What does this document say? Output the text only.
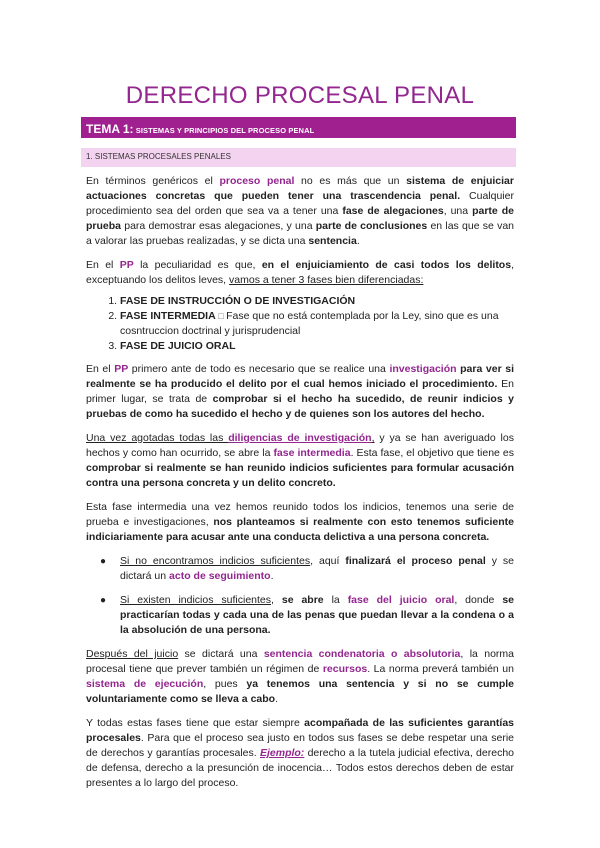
DERECHO PROCESAL PENAL
TEMA 1: SISTEMAS Y PRINCIPIOS DEL PROCESO PENAL
1. SISTEMAS PROCESALES PENALES

En términos genéricos el proceso penal no es más que un sistema de enjuiciar actuaciones concretas que pueden tener una trascendencia penal. Cualquier procedimiento sea del orden que sea va a tener una fase de alegaciones, una parte de prueba para demostrar esas alegaciones, y una parte de conclusiones en las que se van a valorar las pruebas realizadas, y se dicta una sentencia.

En el PP la peculiaridad es que, en el enjuiciamiento de casi todos los delitos, exceptuando los delitos leves, vamos a tener 3 fases bien diferenciadas:

1. FASE DE INSTRUCCIÓN O DE INVESTIGACIÓN
2. FASE INTERMEDIA □ Fase que no está contemplada por la Ley, sino que es una cosntruccion doctrinal y jurisprudencial
3. FASE DE JUICIO ORAL

En el PP primero ante de todo es necesario que se realice una investigación para ver si realmente se ha producido el delito por el cual hemos iniciado el procedimiento. En primer lugar, se trata de comprobar si el hecho ha sucedido, de reunir indicios y pruebas de como ha sucedido el hecho y de quienes son los autores del hecho.

Una vez agotadas todas las diligencias de investigación, y ya se han averiguado los hechos y como han ocurrido, se abre la fase intermedia. Esta fase, el objetivo que tiene es comprobar si realmente se han reunido indicios suficientes para formular acusación contra una persona concreta y un delito concreto.

Esta fase intermedia una vez hemos reunido todos los indicios, tenemos una serie de prueba e investigaciones, nos planteamos si realmente con esto tenemos suficiente indiciariamente para acusar ante una conducta delictiva a una persona concreta.

● Si no encontramos indicios suficientes, aquí finalizará el proceso penal y se dictará un acto de seguimiento.
● Si existen indicios suficientes, se abre la fase del juicio oral, donde se practicarían todas y cada una de las penas que puedan llevar a la condena o a la absolución de una persona.

Después del juicio se dictará una sentencia condenatoria o absolutoria, la norma procesal tiene que prever también un régimen de recursos. La norma preverá también un sistema de ejecución, pues ya tenemos una sentencia y si no se cumple voluntariamente como se lleva a cabo.

Y todas estas fases tiene que estar siempre acompañada de las suficientes garantías procesales. Para que el proceso sea justo en todos sus fases se debe respetar una serie de derechos y garantías procesales. Ejemplo: derecho a la tutela judicial efectiva, derecho de defensa, derecho a la presunción de inocencia… Todos estos derechos deben de estar presentes a lo largo del proceso.
